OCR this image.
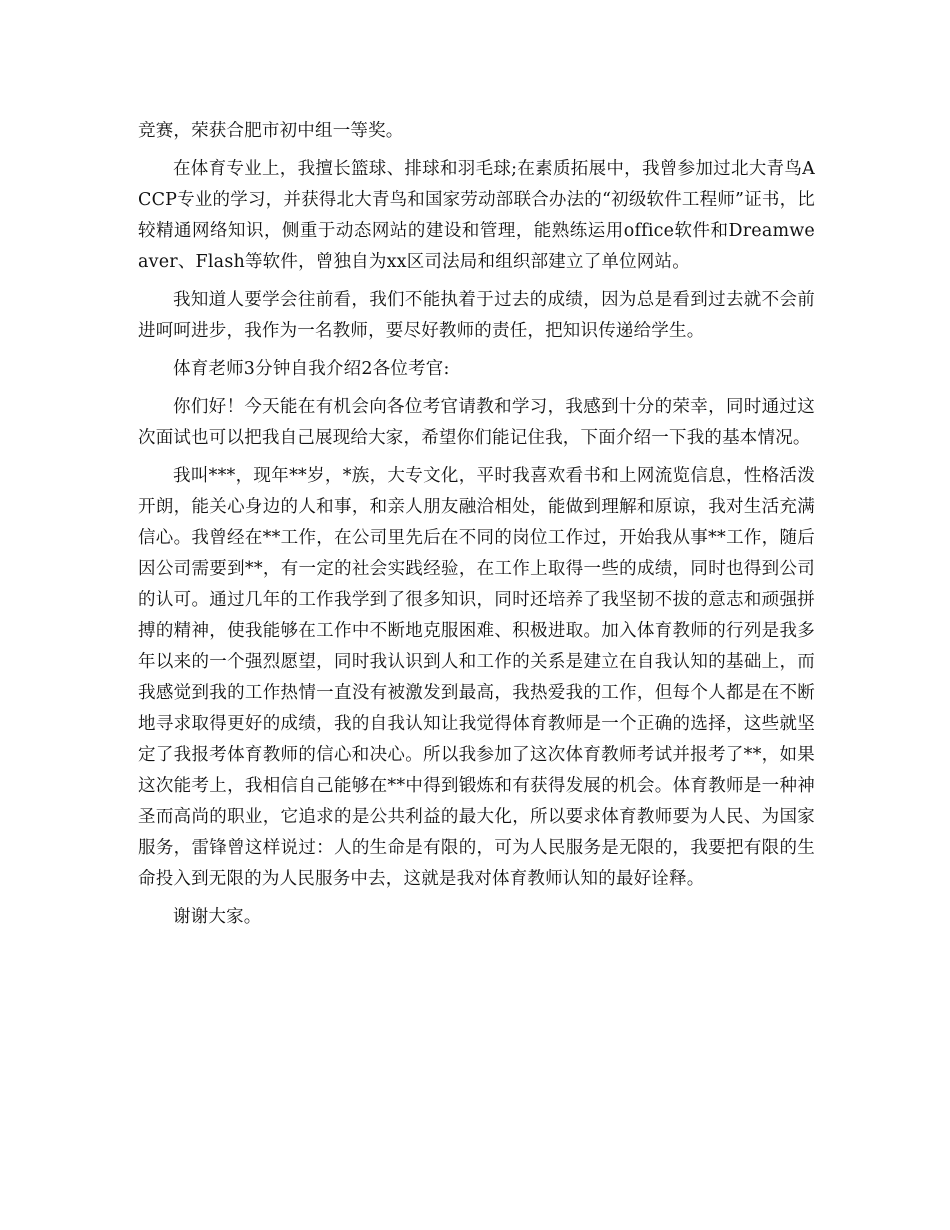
竞赛，荣获合肥市初中组一等奖。

在体育专业上，我擅长篮球、排球和羽毛球;在素质拓展中，我曾参加过北大青鸟ACCP专业的学习，并获得北大青鸟和国家劳动部联合办法的“初级软件工程师”证书，比较精通网络知识，侧重于动态网站的建设和管理，能熟练运用office软件和Dreamweaver、Flash等软件，曾独自为xx区司法局和组织部建立了单位网站。

我知道人要学会往前看，我们不能执着于过去的成绩，因为总是看到过去就不会前进呵呵进步，我作为一名教师，要尽好教师的责任，把知识传递给学生。

体育老师3分钟自我介绍2各位考官:

你们好！今天能在有机会向各位考官请教和学习，我感到十分的荣幸，同时通过这次面试也可以把我自己展现给大家，希望你们能记住我，下面介绍一下我的基本情况。

我叫***，现年**岁，*族，大专文化，平时我喜欢看书和上网流览信息，性格活泼开朗，能关心身边的人和事，和亲人朋友融洽相处，能做到理解和原谅，我对生活充满信心。我曾经在**工作，在公司里先后在不同的岗位工作过，开始我从事**工作，随后因公司需要到**，有一定的社会实践经验，在工作上取得一些的成绩，同时也得到公司的认可。通过几年的工作我学到了很多知识，同时还培养了我坚韧不拔的意志和顽强拼搏的精神，使我能够在工作中不断地克服困难、积极进取。加入体育教师的行列是我多年以来的一个强烈愿望，同时我认识到人和工作的关系是建立在自我认知的基础上，而我感觉到我的工作热情一直没有被激发到最高，我热爱我的工作，但每个人都是在不断地寻求取得更好的成绩，我的自我认知让我觉得体育教师是一个正确的选择，这些就坚定了我报考体育教师的信心和决心。所以我参加了这次体育教师考试并报考了**，如果这次能考上，我相信自己能够在**中得到锻炼和有获得发展的机会。体育教师是一种神圣而高尚的职业，它追求的是公共利益的最大化，所以要求体育教师要为人民、为国家服务，雷锋曾这样说过：人的生命是有限的，可为人民服务是无限的，我要把有限的生命投入到无限的为人民服务中去，这就是我对体育教师认知的最好诠释。

谢谢大家。
